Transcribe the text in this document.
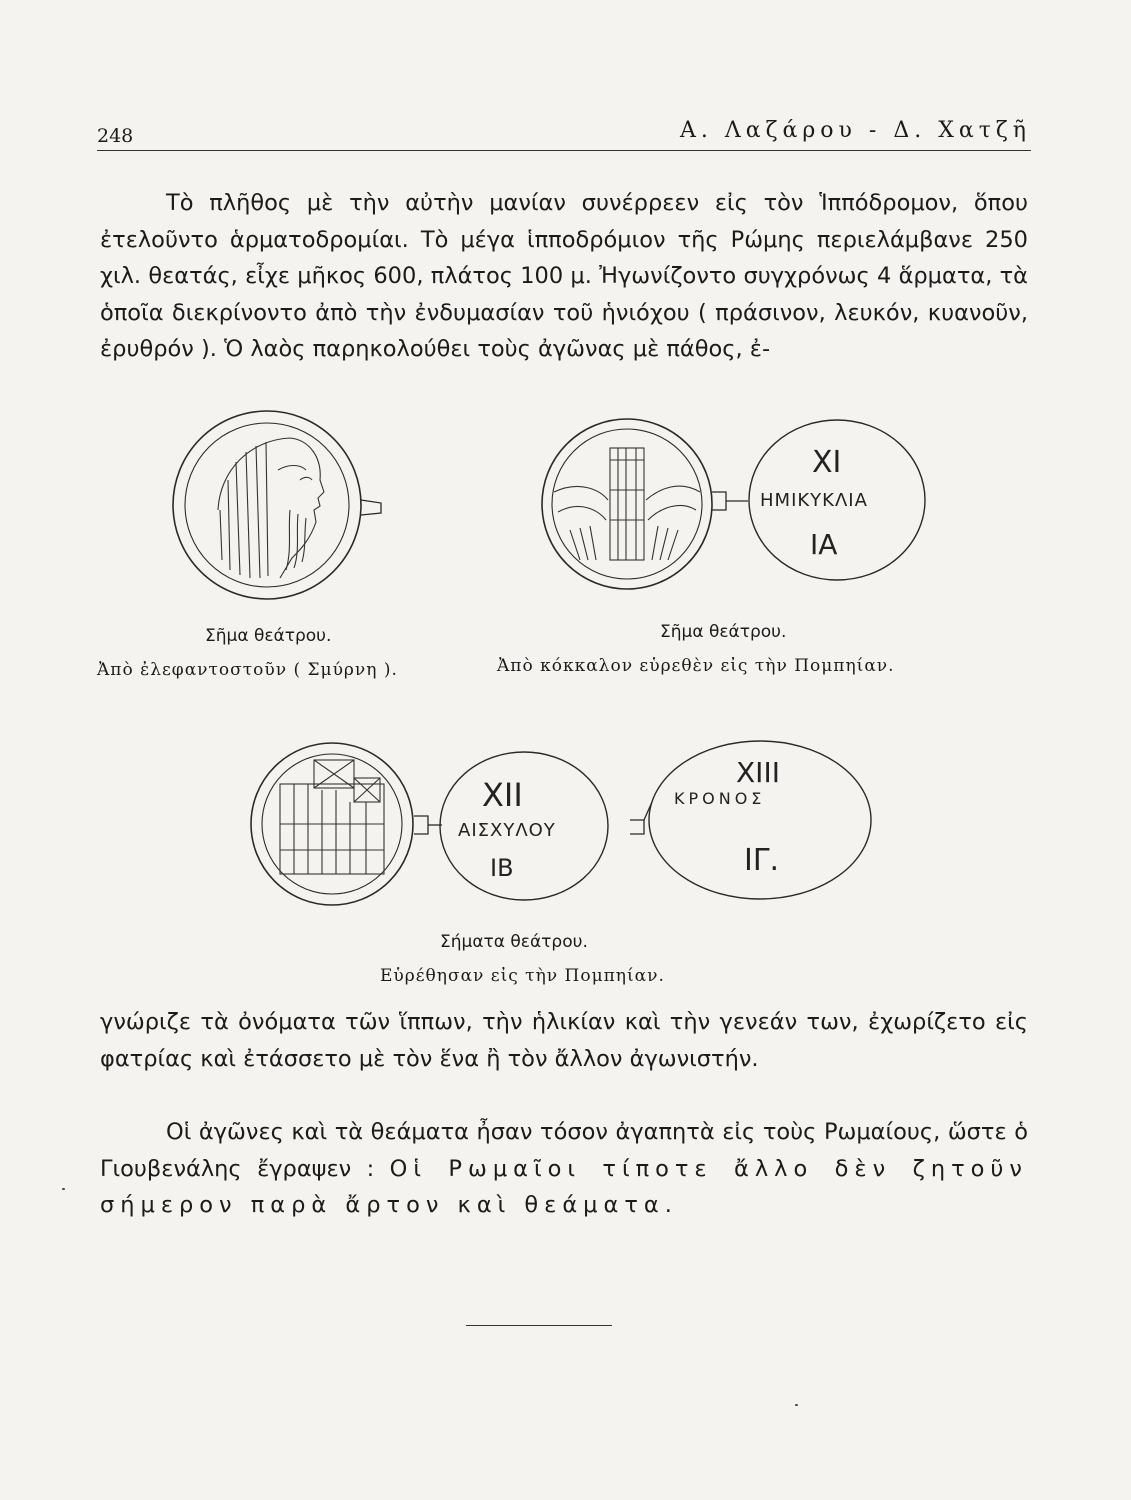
248	Α. Λαζάρου - Δ. Χατζῆ

Τὸ πλῆθος μὲ τὴν αὐτὴν μανίαν συνέρρεεν εἰς τὸν Ἱππόδρομον, ὅπου ἐτελοῦντο ἁρματοδρομίαι. Τὸ μέγα ἱπποδρόμιον τῆς Ρώμης περιελάμβανε 250 χιλ. θεατάς, εἶχε μῆκος 600, πλάτος 100 μ. Ἠγωνίζοντο συγχρόνως 4 ἅρματα, τὰ ὁποῖα διεκρίνοντο ἀπὸ τὴν ἐνδυμασίαν τοῦ ἡνιόχου ( πράσινον, λευκόν, κυανοῦν, ἐρυθρόν ). Ὁ λαὸς παρηκολούθει τοὺς ἀγῶνας μὲ πάθος, ἐ-

Σῆμα θεάτρου.
Ἀπὸ ἐλεφαντοστοῦν ( Σμύρνη ).
XI
ΗΜΙΚΥΚΛΙΑ
ΙΑ
Σῆμα θεάτρου.
Ἀπὸ κόκκαλον εὑρεθὲν εἰς τὴν Πομπηίαν.
XII
ΑΙΣΧΥΛΟΥ
ΙΒ
XIII
ΚΡΟΝΟΣ
ΙΓ.
Σήματα θεάτρου.
Εὑρέθησαν εἰς τὴν Πομπηίαν.

γνώριζε τὰ ὀνόματα τῶν ἵππων, τὴν ἡλικίαν καὶ τὴν γενεάν των, ἐχωρίζετο εἰς φατρίας καὶ ἐτάσσετο μὲ τὸν ἕνα ἢ τὸν ἄλλον ἀγωνιστήν.

Οἱ ἀγῶνες καὶ τὰ θεάματα ἦσαν τόσον ἀγαπητὰ εἰς τοὺς Ρωμαίους, ὥστε ὁ Γιουβενάλης ἔγραψεν : Οἱ Ρωμαῖοι τίποτε ἄλλο δὲν ζητοῦν σήμερον παρὰ ἄρτον καὶ θεάματα.
